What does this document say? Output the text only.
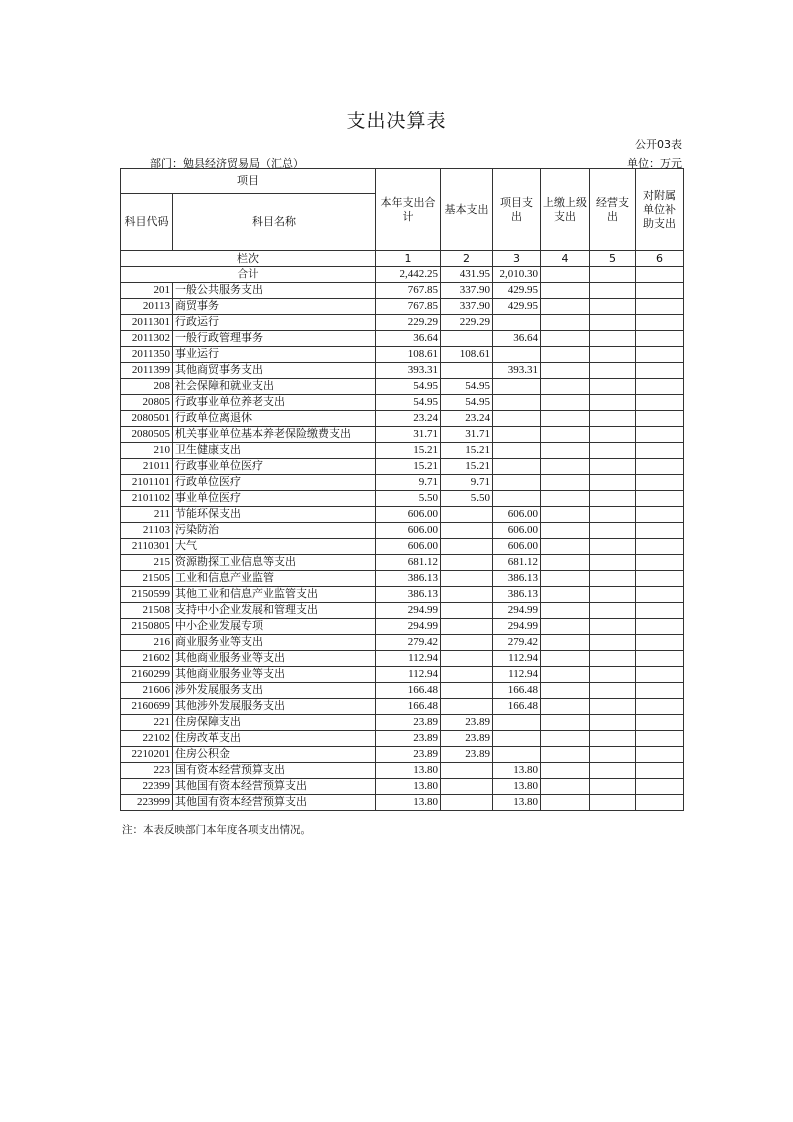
支出决算表
公开03表
部门：勉县经济贸易局（汇总）	单位：万元
项目		本年支出合计	基本支出	项目支出	上缴上级支出	经营支出	对附属单位补助支出
科目代码	科目名称						
栏次		1	2	3	4	5	6
合计		2,442.25	431.95	2,010.30			
201	一般公共服务支出	767.85	337.90	429.95			
20113	商贸事务	767.85	337.90	429.95			
2011301	行政运行	229.29	229.29				
2011302	一般行政管理事务	36.64		36.64			
2011350	事业运行	108.61	108.61				
2011399	其他商贸事务支出	393.31		393.31			
208	社会保障和就业支出	54.95	54.95				
20805	行政事业单位养老支出	54.95	54.95				
2080501	行政单位离退休	23.24	23.24				
2080505	机关事业单位基本养老保险缴费支出	31.71	31.71				
210	卫生健康支出	15.21	15.21				
21011	行政事业单位医疗	15.21	15.21				
2101101	行政单位医疗	9.71	9.71				
2101102	事业单位医疗	5.50	5.50				
211	节能环保支出	606.00		606.00			
21103	污染防治	606.00		606.00			
2110301	大气	606.00		606.00			
215	资源勘探工业信息等支出	681.12		681.12			
21505	工业和信息产业监管	386.13		386.13			
2150599	其他工业和信息产业监管支出	386.13		386.13			
21508	支持中小企业发展和管理支出	294.99		294.99			
2150805	中小企业发展专项	294.99		294.99			
216	商业服务业等支出	279.42		279.42			
21602	其他商业服务业等支出	112.94		112.94			
2160299	其他商业服务业等支出	112.94		112.94			
21606	涉外发展服务支出	166.48		166.48			
2160699	其他涉外发展服务支出	166.48		166.48			
221	住房保障支出	23.89	23.89				
22102	住房改革支出	23.89	23.89				
2210201	住房公积金	23.89	23.89				
223	国有资本经营预算支出	13.80		13.80			
22399	其他国有资本经营预算支出	13.80		13.80			
223999	其他国有资本经营预算支出	13.80		13.80			
注：本表反映部门本年度各项支出情况。
